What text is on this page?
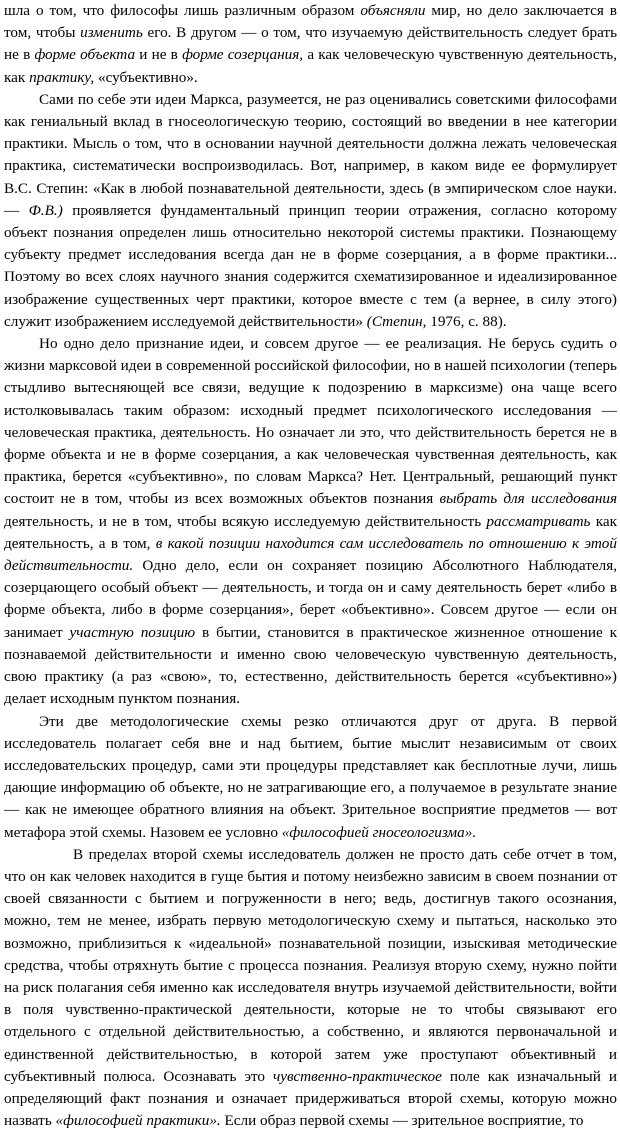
шла о том, что философы лишь различным образом объясняли мир, но дело заключается в том, чтобы изменить его. В другом — о том, что изучаемую действительность следует брать не в форме объекта и не в форме созерцания, а как человеческую чувственную деятельность, как практику, «субъективно».

Сами по себе эти идеи Маркса, разумеется, не раз оценивались советскими философами как гениальный вклад в гносеологическую теорию, состоящий во введении в нее категории практики. Мысль о том, что в основании научной деятельности должна лежать человеческая практика, систематически воспроизводилась. Вот, например, в каком виде ее формулирует В.С. Степин: «Как в любой познавательной деятельности, здесь (в эмпирическом слое науки. — Ф.В.) проявляется фундаментальный принцип теории отражения, согласно которому объект познания определен лишь относительно некоторой системы практики. Познающему субъекту предмет исследования всегда дан не в форме созерцания, а в форме практики... Поэтому во всех слоях научного знания содержится схематизированное и идеализированное изображение существенных черт практики, которое вместе с тем (а вернее, в силу этого) служит изображением исследуемой действительности» (Степин, 1976, с. 88).

Но одно дело признание идеи, и совсем другое — ее реализация. Не берусь судить о жизни марксовой идеи в современной российской философии, но в нашей психологии (теперь стыдливо вытесняющей все связи, ведущие к подозрению в марксизме) она чаще всего истолковывалась таким образом: исходный предмет психологического исследования — человеческая практика, деятельность. Но означает ли это, что действительность берется не в форме объекта и не в форме созерцания, а как человеческая чувственная деятельность, как практика, берется «субъективно», по словам Маркса? Нет. Центральный, решающий пункт состоит не в том, чтобы из всех возможных объектов познания выбрать для исследования деятельность, и не в том, чтобы всякую исследуемую действительность рассматривать как деятельность, а в том, в какой позиции находится сам исследователь по отношению к этой действительности. Одно дело, если он сохраняет позицию Абсолютного Наблюдателя, созерцающего особый объект — деятельность, и тогда он и саму деятельность берет «либо в форме объекта, либо в форме созерцания», берет «объективно». Совсем другое — если он занимает участную позицию в бытии, становится в практическое жизненное отношение к познаваемой действительности и именно свою человеческую чувственную деятельность, свою практику (а раз «свою», то, естественно, действительность берется «субъективно») делает исходным пунктом познания.

Эти две методологические схемы резко отличаются друг от друга. В первой исследователь полагает себя вне и над бытием, бытие мыслит независимым от своих исследовательских процедур, сами эти процедуры представляет как бесплотные лучи, лишь дающие информацию об объекте, но не затрагивающие его, а получаемое в результате знание — как не имеющее обратного влияния на объект. Зрительное восприятие предметов — вот метафора этой схемы. Назовем ее условно «философией гносеологизма».

В пределах второй схемы исследователь должен не просто дать себе отчет в том, что он как человек находится в гуще бытия и потому неизбежно зависим в своем познании от своей связанности с бытием и погруженности в него; ведь, достигнув такого осознания, можно, тем не менее, избрать первую методологическую схему и пытаться, насколько это возможно, приблизиться к «идеальной» познавательной позиции, изыскивая методические средства, чтобы отряхнуть бытие с процесса познания. Реализуя вторую схему, нужно пойти на риск полагания себя именно как исследователя внутрь изучаемой действительности, войти в поля чувственно-практической деятельности, которые не то чтобы связывают его отдельного с отдельной действительностью, а собственно, и являются первоначальной и единственной действительностью, в которой затем уже проступают объективный и субъективный полюса. Осознавать это чувственно-практическое поле как изначальный и определяющий факт познания и означает придерживаться второй схемы, которую можно назвать «философией практики». Если образ первой схемы — зрительное восприятие, то
